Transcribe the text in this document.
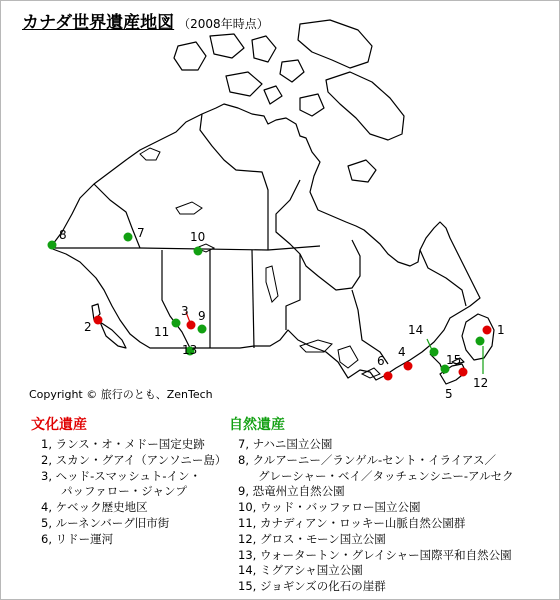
カナダ世界遺産地図 （2008年時点）
1
2
3
4
5
6
7
8
9
10
11
12
13
14
15
Copyright © 旅行のとも、ZenTech
文化遺産	自然遺産
1, ランス・オ・メドー国定史跡
2, スカン・グアイ（アンソニー島）
3, ヘッド-スマッシュト-イン・
パッファロー・ジャンプ
4, ケベック歴史地区
5, ルーネンバーグ旧市街
6, リドー運河
7, ナハニ国立公園
8, クルアーニー／ランゲル-セント・イライアス／
グレーシャー・ベイ／タッチェンシニー-アルセク
9, 恐竜州立自然公園
10, ウッド・バッファロー国立公園
11, カナディアン・ロッキー山脈自然公園群
12, グロス・モーン国立公園
13, ウォータートン・グレイシャー国際平和自然公園
14, ミグアシャ国立公園
15, ジョギンズの化石の崖群
